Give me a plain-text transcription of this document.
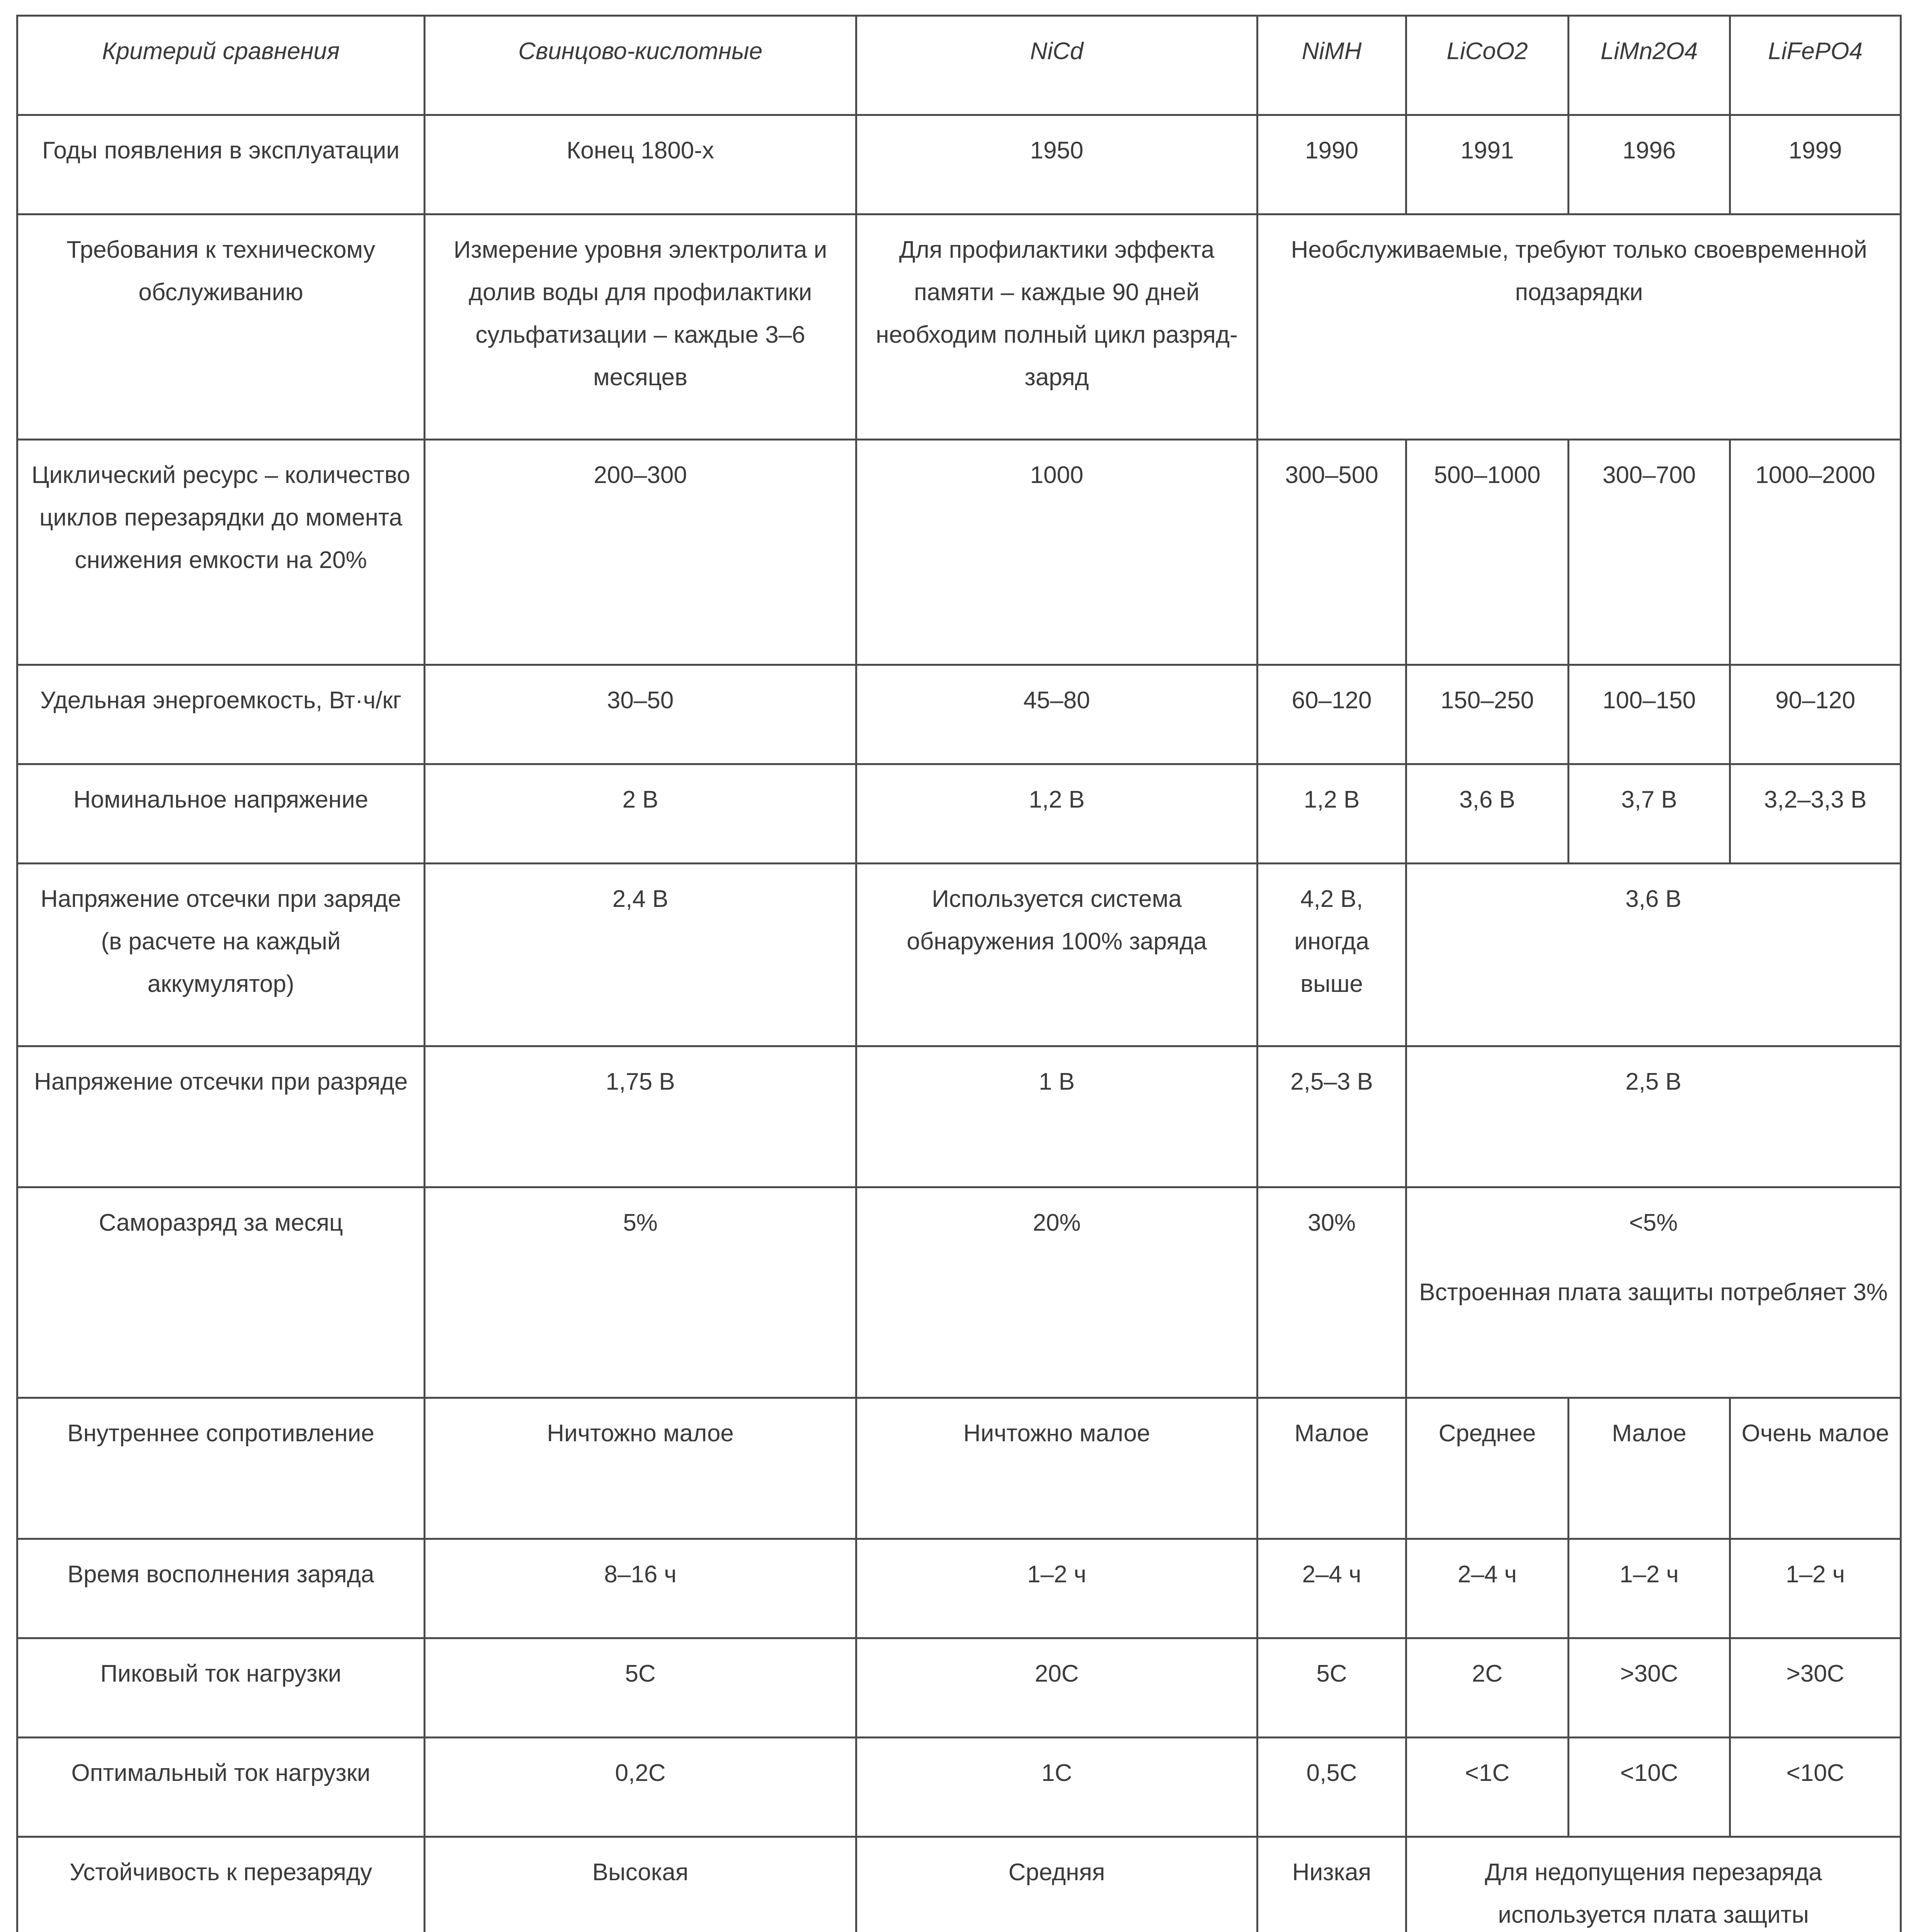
Критерий сравнения	Свинцово-кислотные	NiCd	NiMH	LiCoO2	LiMn2O4	LiFePO4
Годы появления в эксплуатации	Конец 1800-х	1950	1990	1991	1996	1999
Требования к техническому обслуживанию	Измерение уровня электролита и долив воды для профилактики сульфатизации – каждые 3–6 месяцев	Для профилактики эффекта памяти – каждые 90 дней необходим полный цикл разряд-заряд	Необслуживаемые, требуют только своевременной подзарядки			
Циклический ресурс – количество циклов перезарядки до момента снижения емкости на 20%	200–300	1000	300–500	500–1000	300–700	1000–2000
Удельная энергоемкость, Вт·ч/кг	30–50	45–80	60–120	150–250	100–150	90–120
Номинальное напряжение	2 В	1,2 В	1,2 В	3,6 В	3,7 В	3,2–3,3 В
Напряжение отсечки при заряде (в расчете на каждый аккумулятор)	2,4 В	Используется система обнаружения 100% заряда	4,2 В, иногда выше	3,6 В		
Напряжение отсечки при разряде	1,75 В	1 В	2,5–3 В	2,5 В		
Саморазряд за месяц	5%	20%	30%	<5%
Встроенная плата защиты потребляет 3%		
Внутреннее сопротивление	Ничтожно малое	Ничтожно малое	Малое	Среднее	Малое	Очень малое
Время восполнения заряда	8–16 ч	1–2 ч	2–4 ч	2–4 ч	1–2 ч	1–2 ч
Пиковый ток нагрузки	5С	20С	5С	2С	>30С	>30С
Оптимальный ток нагрузки	0,2С	1С	0,5С	<1С	<10С	<10С
Устойчивость к перезаряду	Высокая	Средняя	Низкая	Для недопущения перезаряда используется плата защиты		
